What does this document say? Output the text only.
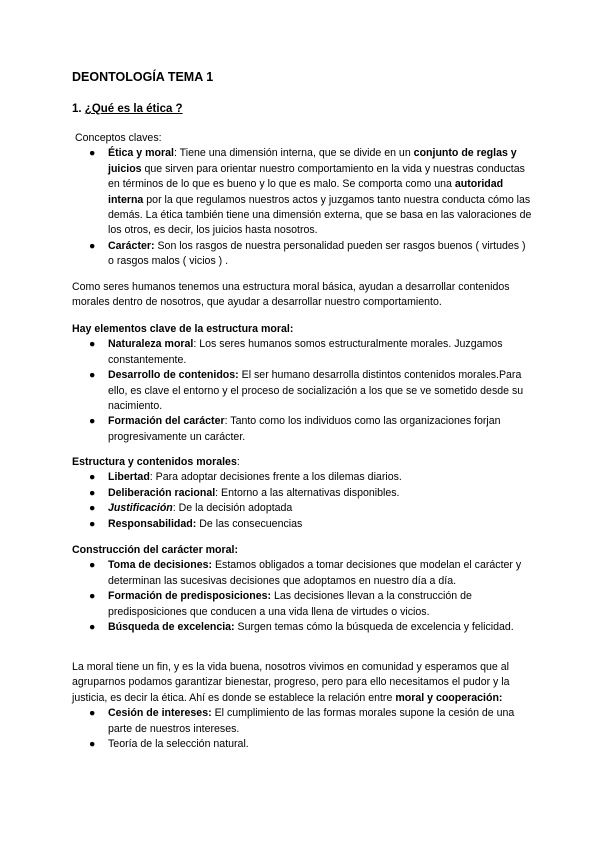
DEONTOLOGÍA TEMA 1
1. ¿Qué es la ética ?

Conceptos claves:

● Ética y moral: Tiene una dimensión interna, que se divide en un conjunto de reglas y juicios que sirven para orientar nuestro comportamiento en la vida y nuestras conductas en términos de lo que es bueno y lo que es malo. Se comporta como una autoridad interna por la que regulamos nuestros actos y juzgamos tanto nuestra conducta cómo las demás. La ética también tiene una dimensión externa, que se basa en las valoraciones de los otros, es decir, los juicios hasta nosotros.
● Carácter: Son los rasgos de nuestra personalidad pueden ser rasgos buenos ( virtudes ) o rasgos malos ( vicios ) .

Como seres humanos tenemos una estructura moral básica, ayudan a desarrollar contenidos morales dentro de nosotros, que ayudar a desarrollar nuestro comportamiento.

Hay elementos clave de la estructura moral:

● Naturaleza moral: Los seres humanos somos estructuralmente morales. Juzgamos constantemente.
● Desarrollo de contenidos: El ser humano desarrolla distintos contenidos morales.Para ello, es clave el entorno y el proceso de socialización a los que se ve sometido desde su nacimiento.
● Formación del carácter: Tanto como los individuos como las organizaciones forjan progresivamente un carácter.

Estructura y contenidos morales:

● Libertad: Para adoptar decisiones frente a los dilemas diarios.
● Deliberación racional: Entorno a las alternativas disponibles.
● Justificación: De la decisión adoptada
● Responsabilidad: De las consecuencias

Construcción del carácter moral:

● Toma de decisiones: Estamos obligados a tomar decisiones que modelan el carácter y determinan las sucesivas decisiones que adoptamos en nuestro día a día.
● Formación de predisposiciones: Las decisiones llevan a la construcción de predisposiciones que conducen a una vida llena de virtudes o vicios.
● Búsqueda de excelencia: Surgen temas cómo la búsqueda de excelencia y felicidad.

La moral tiene un fin, y es la vida buena, nosotros vivimos en comunidad y esperamos que al agruparnos podamos garantizar bienestar, progreso, pero para ello necesitamos el pudor y la justicia, es decir la ética. Ahí es donde se establece la relación entre moral y cooperación:

● Cesión de intereses: El cumplimiento de las formas morales supone la cesión de una parte de nuestros intereses.
● Teoría de la selección natural.
